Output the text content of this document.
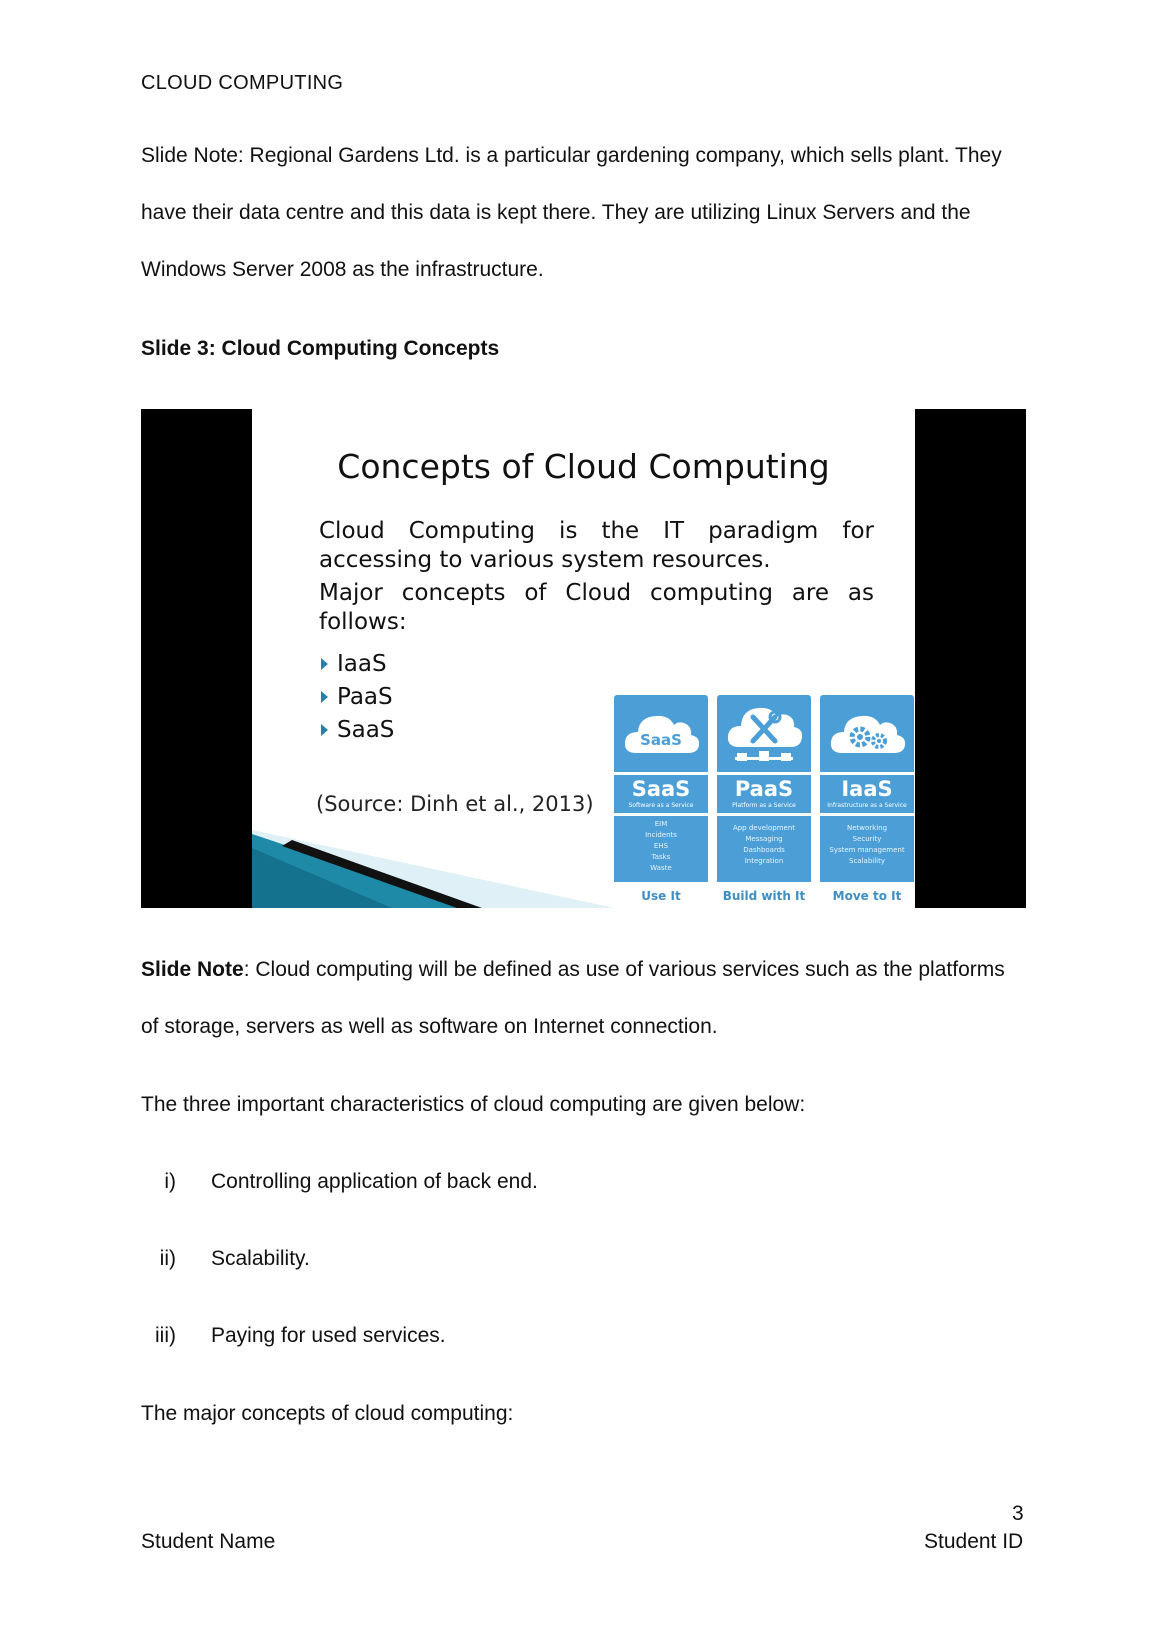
CLOUD COMPUTING
Slide Note: Regional Gardens Ltd. is a particular gardening company, which sells plant. They
have their data centre and this data is kept there. They are utilizing Linux Servers and the
Windows Server 2008 as the infrastructure.
Slide 3: Cloud Computing Concepts
Concepts of Cloud Computing
Cloud Computing is the IT paradigm for
accessing to various system resources.
Major concepts of Cloud computing are as
follows:
IaaS
PaaS
SaaS
(Source: Dinh et al., 2013)
SaaS
SaaS
Software as a Service
EIM
Incidents
EHS
Tasks
Waste
Use It
PaaS
Platform as a Service
App development
Messaging
Dashboards
Integration
Build with It
IaaS
Infrastructure as a Service
Networking
Security
System management
Scalability
Move to It
Slide Note: Cloud computing will be defined as use of various services such as the platforms
of storage, servers as well as software on Internet connection.
The three important characteristics of cloud computing are given below:
i) Controlling application of back end.
ii) Scalability.
iii) Paying for used services.
The major concepts of cloud computing:
3
Student Name	Student ID
